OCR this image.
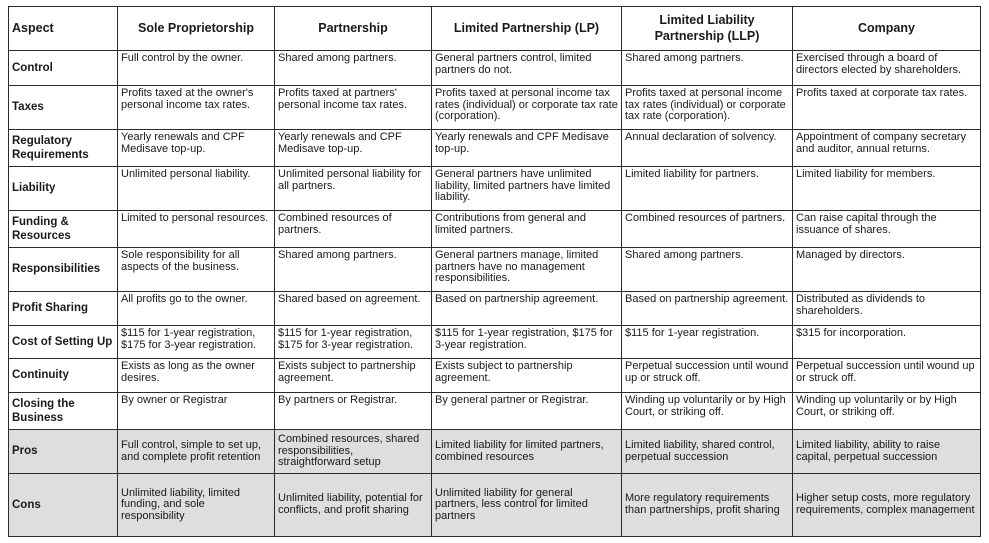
Aspect	Sole Proprietorship	Partnership	Limited Partnership (LP)	Limited Liability Partnership (LLP)	Company
Control	Full control by the owner.	Shared among partners.	General partners control, limited partners do not.	Shared among partners.	Exercised through a board of directors elected by shareholders.
Taxes	Profits taxed at the owner's personal income tax rates.	Profits taxed at partners' personal income tax rates.	Profits taxed at personal income tax rates (individual) or corporate tax rate (corporation).	Profits taxed at personal income tax rates (individual) or corporate tax rate (corporation).	Profits taxed at corporate tax rates.
Regulatory Requirements	Yearly renewals and CPF Medisave top-up.	Yearly renewals and CPF Medisave top-up.	Yearly renewals and CPF Medisave top-up.	Annual declaration of solvency.	Appointment of company secretary and auditor, annual returns.
Liability	Unlimited personal liability.	Unlimited personal liability for all partners.	General partners have unlimited liability, limited partners have limited liability.	Limited liability for partners.	Limited liability for members.
Funding & Resources	Limited to personal resources.	Combined resources of partners.	Contributions from general and limited partners.	Combined resources of partners.	Can raise capital through the issuance of shares.
Responsibilities	Sole responsibility for all aspects of the business.	Shared among partners.	General partners manage, limited partners have no management responsibilities.	Shared among partners.	Managed by directors.
Profit Sharing	All profits go to the owner.	Shared based on agreement.	Based on partnership agreement.	Based on partnership agreement.	Distributed as dividends to shareholders.
Cost of Setting Up	$115 for 1-year registration, $175 for 3-year registration.	$115 for 1-year registration, $175 for 3-year registration.	$115 for 1-year registration, $175 for 3-year registration.	$115 for 1-year registration.	$315 for incorporation.
Continuity	Exists as long as the owner desires.	Exists subject to partnership agreement.	Exists subject to partnership agreement.	Perpetual succession until wound up or struck off.	Perpetual succession until wound up or struck off.
Closing the Business	By owner or Registrar	By partners or Registrar.	By general partner or Registrar.	Winding up voluntarily or by High Court, or striking off.	Winding up voluntarily or by High Court, or striking off.
Pros	Full control, simple to set up, and complete profit retention	Combined resources, shared responsibilities, straightforward setup	Limited liability for limited partners, combined resources	Limited liability, shared control, perpetual succession	Limited liability, ability to raise capital, perpetual succession
Cons	Unlimited liability, limited funding, and sole responsibility	Unlimited liability, potential for conflicts, and profit sharing	Unlimited liability for general partners, less control for limited partners	More regulatory requirements than partnerships, profit sharing	Higher setup costs, more regulatory requirements, complex management
